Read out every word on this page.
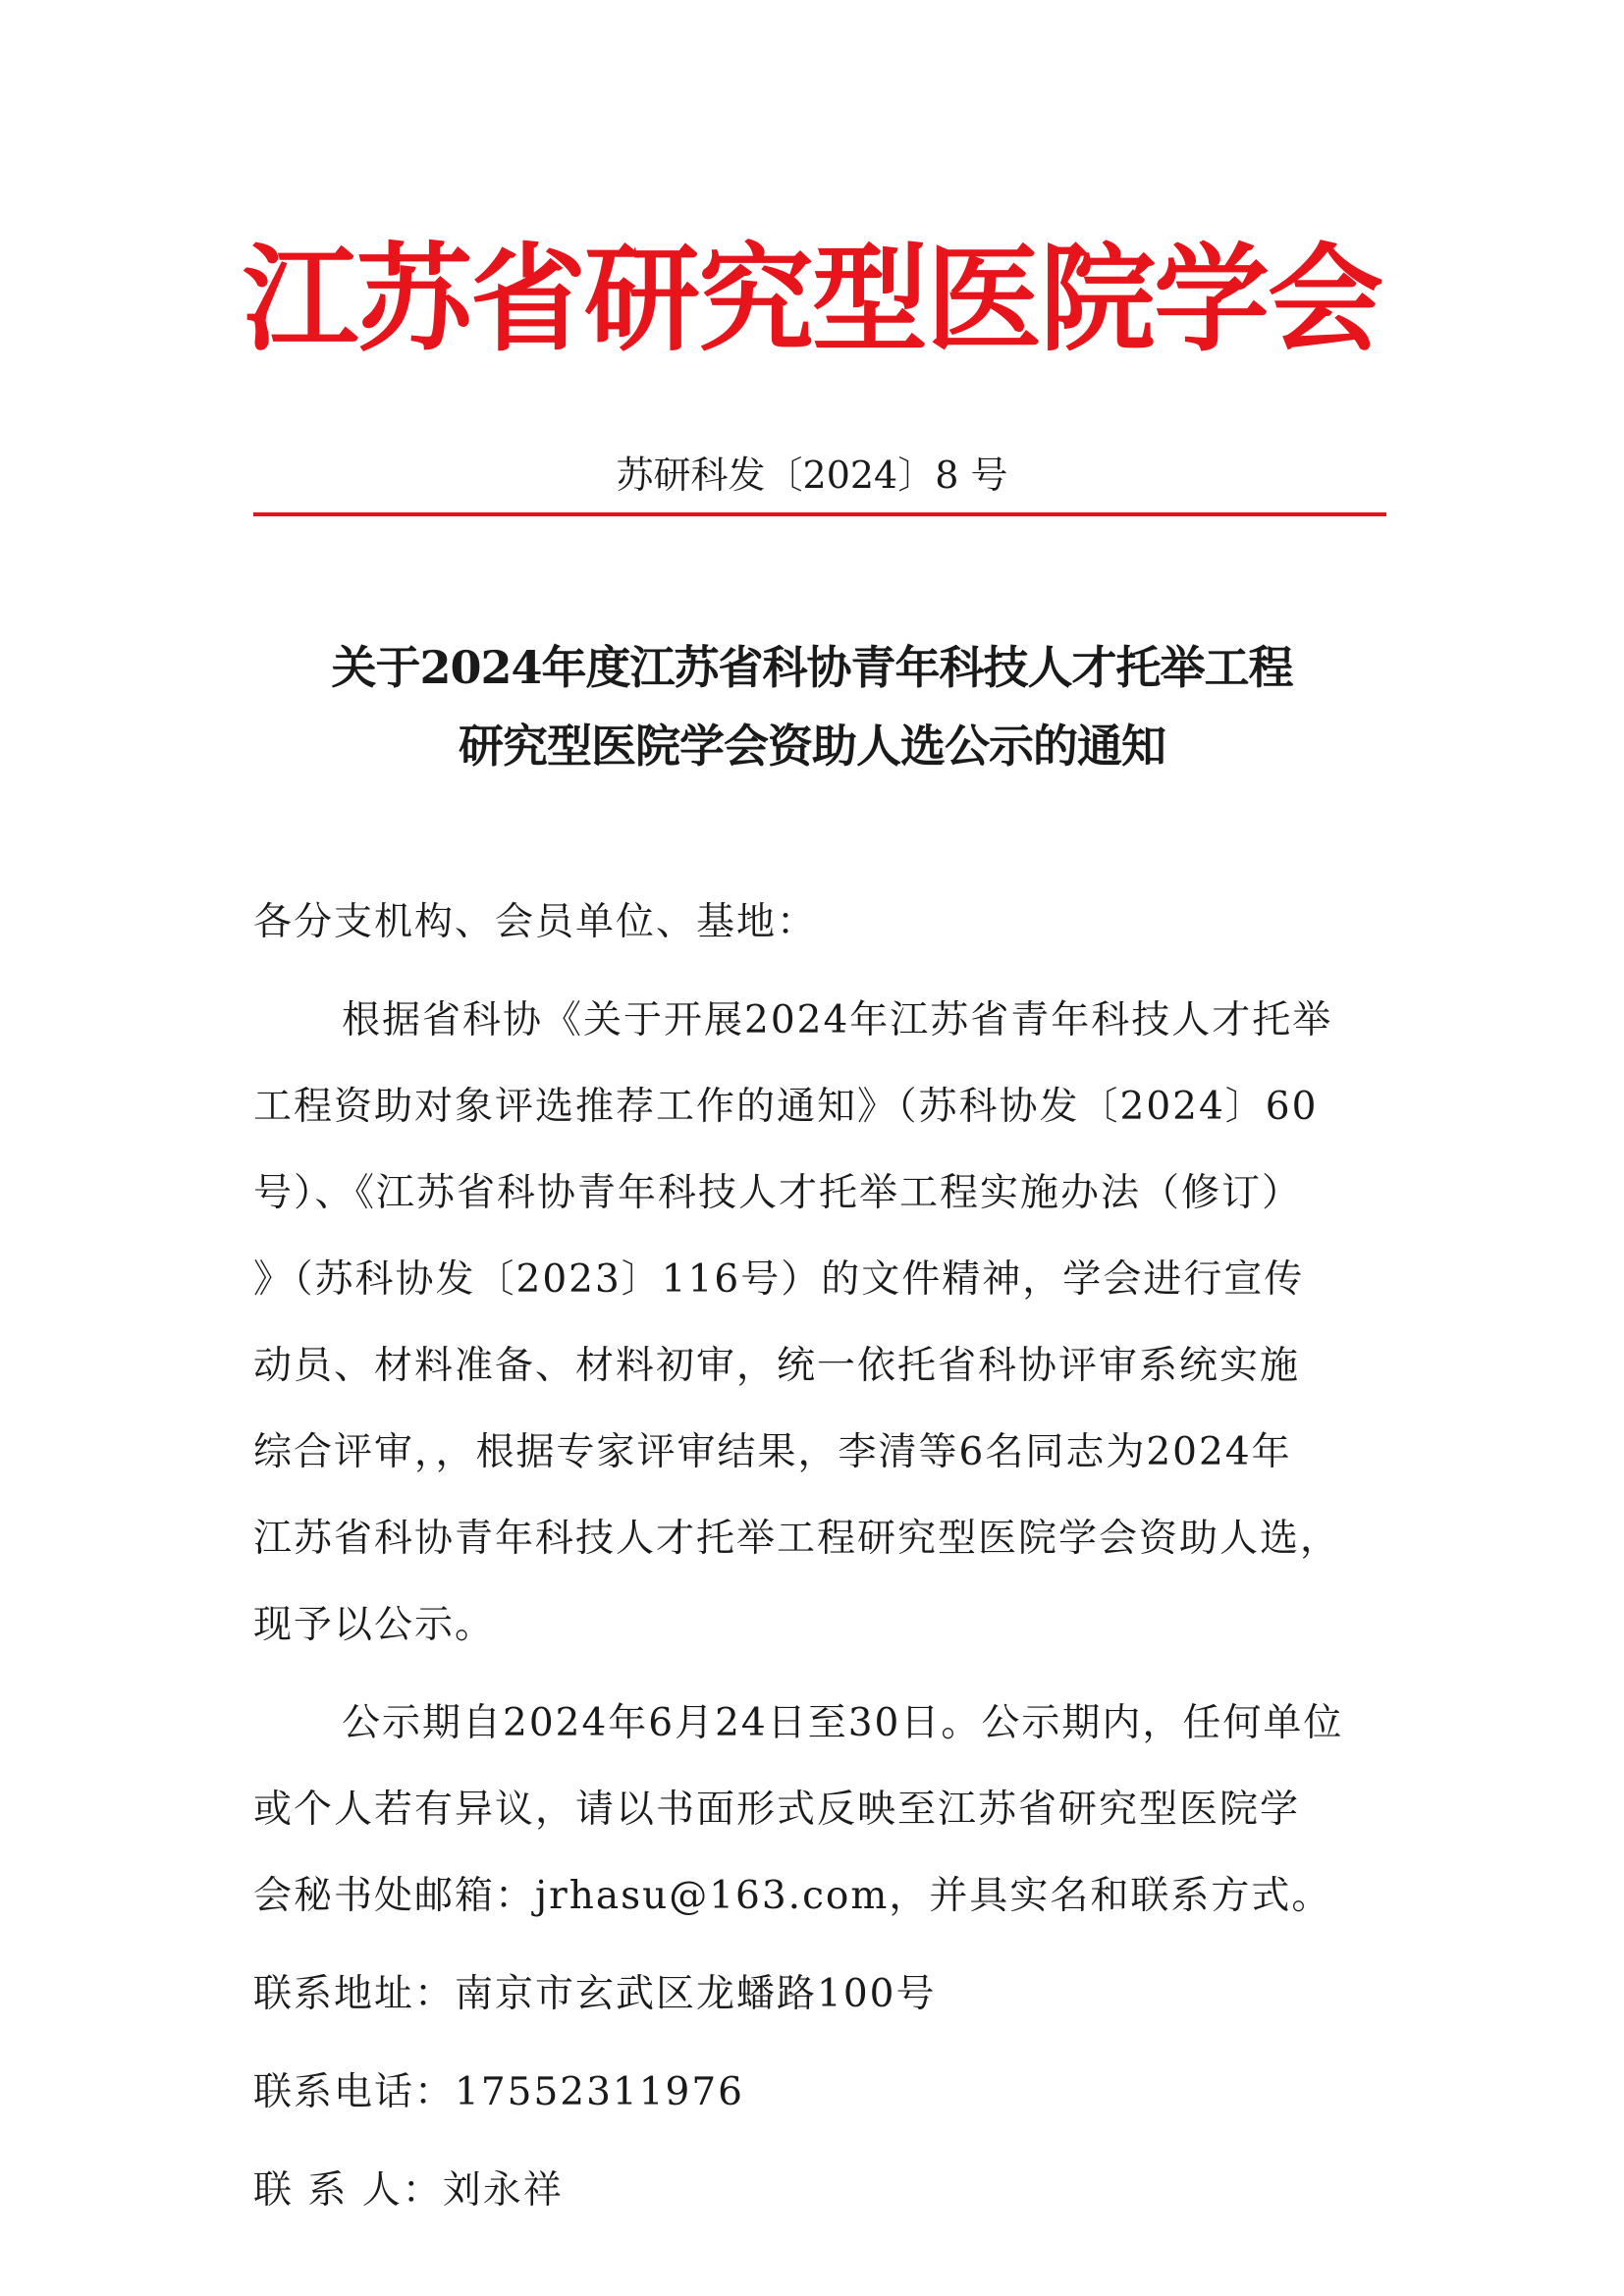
江苏省研究型医院学会
苏研科发〔2024〕8 号
关于2024年度江苏省科协青年科技人才托举工程
研究型医院学会资助人选公示的通知
各分支机构、会员单位、基地：
根据省科协《关于开展2024年江苏省青年科技人才托举
工程资助对象评选推荐工作的通知》（苏科协发〔2024〕60
号）、《江苏省科协青年科技人才托举工程实施办法（修订）
》（苏科协发〔2023〕116号）的文件精神，学会进行宣传
动员、材料准备、材料初审，统一依托省科协评审系统实施
综合评审，，根据专家评审结果，李清等6名同志为2024年
江苏省科协青年科技人才托举工程研究型医院学会资助人选，
现予以公示。
公示期自2024年6月24日至30日。公示期内，任何单位
或个人若有异议，请以书面形式反映至江苏省研究型医院学
会秘书处邮箱：jrhasu@163.com，并具实名和联系方式。
联系地址：南京市玄武区龙蟠路100号
联系电话：17552311976
联 系 人：刘永祥
